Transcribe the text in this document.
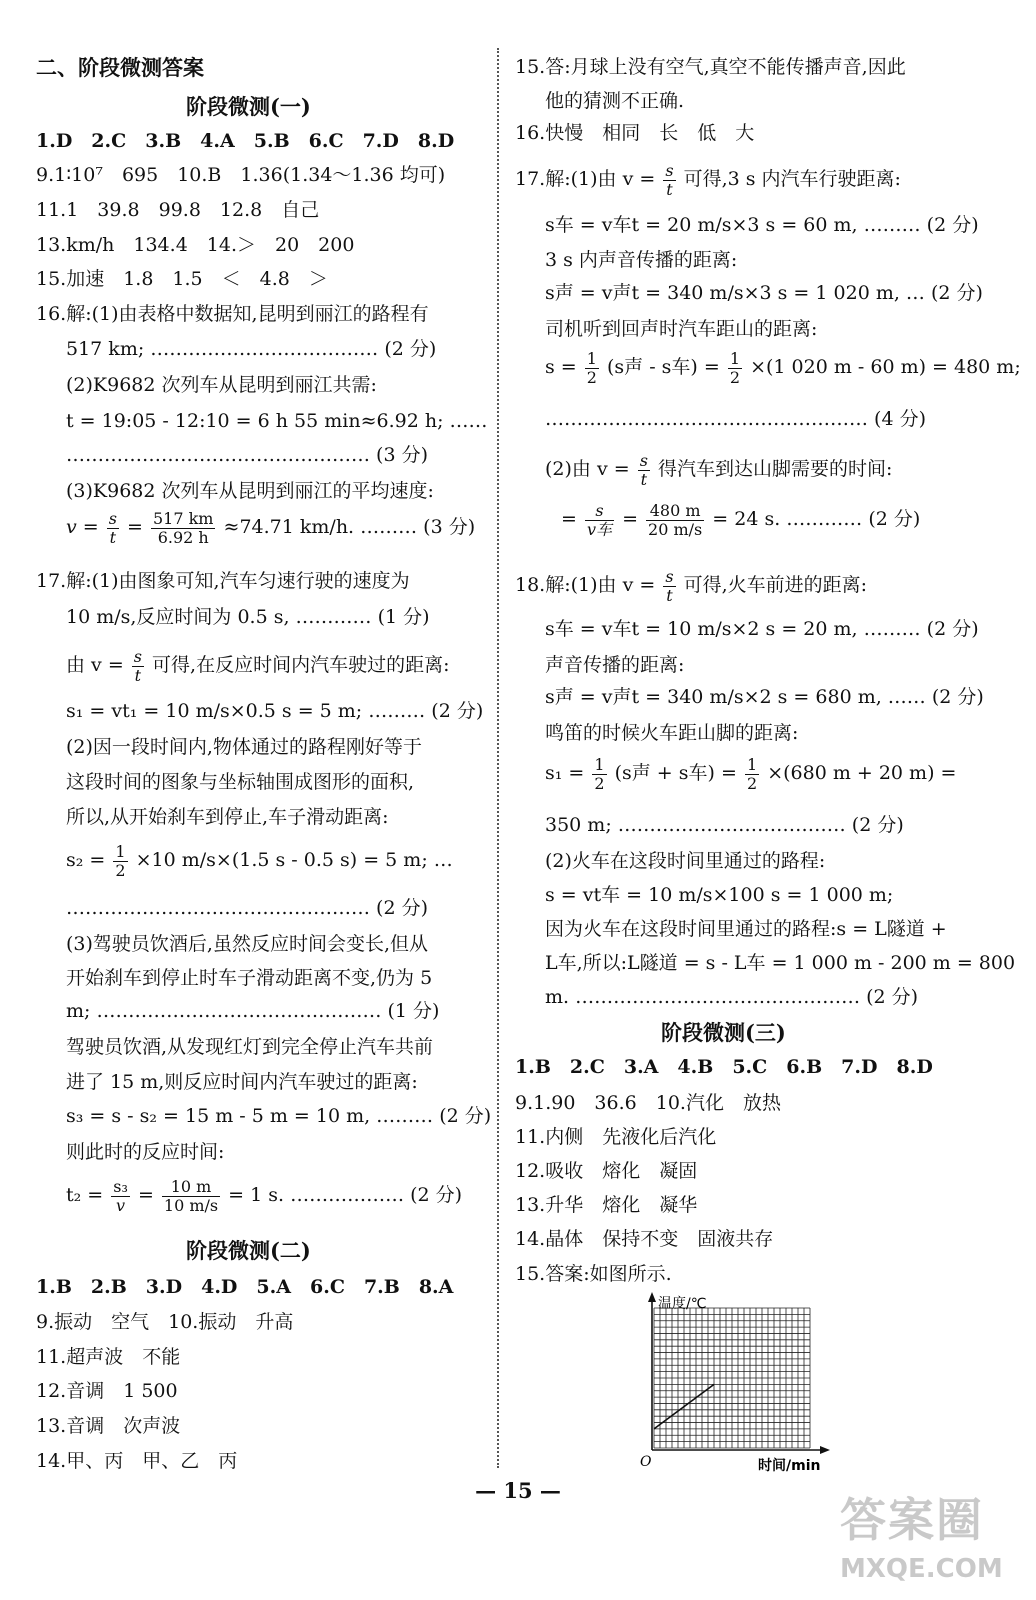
二、阶段微测答案
阶段微测(一)
1.D　2.C　3.B　4.A　5.B　6.C　7.D　8.D
9.1∶10⁷　695　10.B　1.36(1.34～1.36 均可)
11.1　39.8　99.8　12.8　自己
13.km/h　134.4　14.＞　20　200
15.加速　1.8　1.5　＜　4.8　＞
16.解:(1)由表格中数据知,昆明到丽江的路程有
517 km; ……………………………… (2 分)
(2)K9682 次列车从昆明到丽江共需:
t = 19:05 - 12:10 = 6 h 55 min≈6.92 h; ……
………………………………………… (3 分)
(3)K9682 次列车从昆明到丽江的平均速度:
$v = \frac{s}{t} = \frac{517 km}{6.92 h} \approx 74.71$ km/h. ……… (3 分)
17.解:(1)由图象可知,汽车匀速行驶的速度为
10 m/s,反应时间为 0.5 s, ………… (1 分)
由 $v = \frac{s}{t}$ 可得,在反应时间内汽车驶过的距离:
s₁ = vt₁ = 10 m/s×0.5 s = 5 m; ……… (2 分)
(2)因一段时间内,物体通过的路程刚好等于
这段时间的图象与坐标轴围成图形的面积,
所以,从开始刹车到停止,车子滑动距离:
$s_2 = \frac{1}{2} \times 10$ m/s×(1.5 s - 0.5 s) = 5 m; …
………………………………………… (2 分)
(3)驾驶员饮酒后,虽然反应时间会变长,但从
开始刹车到停止时车子滑动距离不变,仍为 5
m; ……………………………………… (1 分)
驾驶员饮酒,从发现红灯到完全停止汽车共前
进了 15 m,则反应时间内汽车驶过的距离:
s₃ = s - s₂ = 15 m - 5 m = 10 m, ……… (2 分)
则此时的反应时间:
$t_2 = \frac{\text{s₃}}{v} = \frac{10 m}{10 m/s} = 1$ s. ……………… (2 分)
阶段微测(二)
1.B　2.B　3.D　4.D　5.A　6.C　7.B　8.A
9.振动　空气　10.振动　升高
11.超声波　不能
12.音调　1 500
13.音调　次声波
14.甲、丙　甲、乙　丙
15.答:月球上没有空气,真空不能传播声音,因此
他的猜测不正确.
16.快慢　相同　长　低　大
17.解:(1)由 $v = \frac{s}{t}$ 可得,3 s 内汽车行驶距离:
s车 = v车t = 20 m/s×3 s = 60 m, ……… (2 分)
3 s 内声音传播的距离:
s声 = v声t = 340 m/s×3 s = 1 020 m, … (2 分)
司机听到回声时汽车距山的距离:
$s = \frac{1}{2} (s$声 - s车) = $\frac{1}{2} \times(1$ 020 m - 60 m) = 480 m;
…………………………………………… (4 分)
(2)由 $v = \frac{s}{t}$ 得汽车到达山脚需要的时间:
=	s
v车 = $\frac{480 m}{20 m/s} = 24$ s. ………… (2 分)
18.解:(1)由 $v = \frac{s}{t}$ 可得,火车前进的距离:
s车 = v车t = 10 m/s×2 s = 20 m, ……… (2 分)
声音传播的距离:
s声 = v声t = 340 m/s×2 s = 680 m, …… (2 分)
鸣笛的时候火车距山脚的距离:
$s_1 = \frac{1}{2} (s$声 + s车) = $\frac{1}{2} \times(680$ m + 20 m) =
350 m; ……………………………… (2 分)
(2)火车在这段时间里通过的路程:
s = vt车 = 10 m/s×100 s = 1 000 m;
因为火车在这段时间里通过的路程:s = L隧道 +
L车,所以:L隧道 = s - L车 = 1 000 m - 200 m = 800
m. ……………………………………… (2 分)
阶段微测(三)
1.B　2.C　3.A　4.B　5.C　6.B　7.D　8.D
9.1.90　36.6　10.汽化　放热
11.内侧　先液化后汽化
12.吸收　熔化　凝固
13.升华　熔化　凝华
14.晶体　保持不变　固液共存
15.答案:如图所示.
温度/℃
时间/min
O
— 15 —
答案圈
MXQE.COM
